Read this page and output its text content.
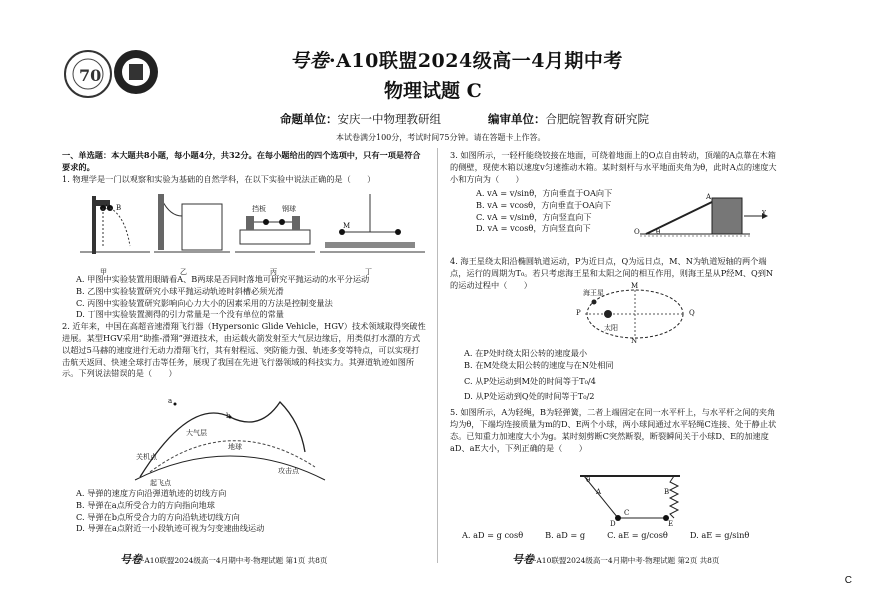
70
号卷·A10联盟2024级高一4月期中考
物理试题 C
命题单位：安庆一中物理教研组	编审单位：合肥皖智教育研究院
本试卷满分100分，考试时间75分钟。请在答题卡上作答。

一、单选题：本大题共8小题，每小题4分，共32分。在每小题给出的四个选项中，只有一项是符合要求的。

1. 物理学是一门以观察和实验为基础的自然学科，在以下实验中说法正确的是（　　）

甲	乙	丙	丁
A B	挡板 钢球
M

A. 甲图中实验装置用眼睛看A、B两球是否同时落地可研究平抛运动的水平分运动

B. 乙图中实验装置研究小球平抛运动轨迹时斜槽必须光滑

C. 丙图中实验装置研究影响向心力大小的因素采用的方法是控制变量法

D. 丁图中实验装置测得的引力常量是一个没有单位的常量

2. 近年来，中国在高超音速滑翔飞行器（Hypersonic Glide Vehicle，HGV）技术领域取得突破性进展。某型HGV采用“助推-滑翔”弹道技术，由运载火箭发射至大气层边缘后，用类似打水漂的方式以超过5马赫的速度进行无动力滑翔飞行，其有射程远、突防能力强、轨迹多变等特点，可以实现打击航天返回、快速全球打击等任务，展现了我国在先进飞行器领域的科技实力。其弹道轨迹如图所示。下列说法错误的是（　　）

a
b
大气层
关机点
地球
起飞点
攻击点

A. 导弹的速度方向沿弹道轨迹的切线方向

B. 导弹在a点所受合力的方向指向地球

C. 导弹在b点所受合力的方向沿轨迹切线方向

D. 导弹在a点附近一小段轨迹可视为匀变速曲线运动

号卷·A10联盟2024级高一4月期中考·物理试题 第1页 共8页

3. 如图所示，一轻杆能绕铰接在地面，可绕着地面上的O点自由转动，顶端的A点靠在木箱的侧壁，现使木箱以速度v匀速推动木箱。某时刻杆与水平地面夹角为θ，此时A点的速度大小和方向为（　　）

A. vA = v/sinθ，方向垂直于OA向下

B. vA = vcosθ，方向垂直于OA向下

C. vA = v/sinθ，方向竖直向下

D. vA = vcosθ，方向竖直向下	O
A
θ
v

4. 海王星绕太阳沿椭圆轨道运动，P为近日点，Q为远日点，M、N为轨道短轴的两个端点，运行的周期为T₀。若只考虑海王星和太阳之间的相互作用，则海王星从P经M、Q到N的运动过程中（　　）

海王星
太阳
M
N
P	Q

A. 在P处时绕太阳公转的速度最小

B. 在M处绕太阳公转的速度与在N处相同

C. 从P处运动到M处的时间等于T₀/4

D. 从P处运动到Q处的时间等于T₀/2

5. 如图所示，A为轻绳，B为轻弹簧，二者上端固定在同一水平杆上，与水平杆之间的夹角均为θ，下端均连接质量为m的D、E两个小球，两小球间通过水平轻绳C连接、处于静止状态。已知重力加速度大小为g。某时刻剪断C突然断裂，断裂瞬间关于小球D、E的加速度aD、aE大小，下列正确的是（　　）

A	B
C
D	E
θ
A. aD = g cosθ	B. aD = g	C. aE = g/cosθ	D. aE = g/sinθ
号卷·A10联盟2024级高一4月期中考·物理试题 第2页 共8页
C
